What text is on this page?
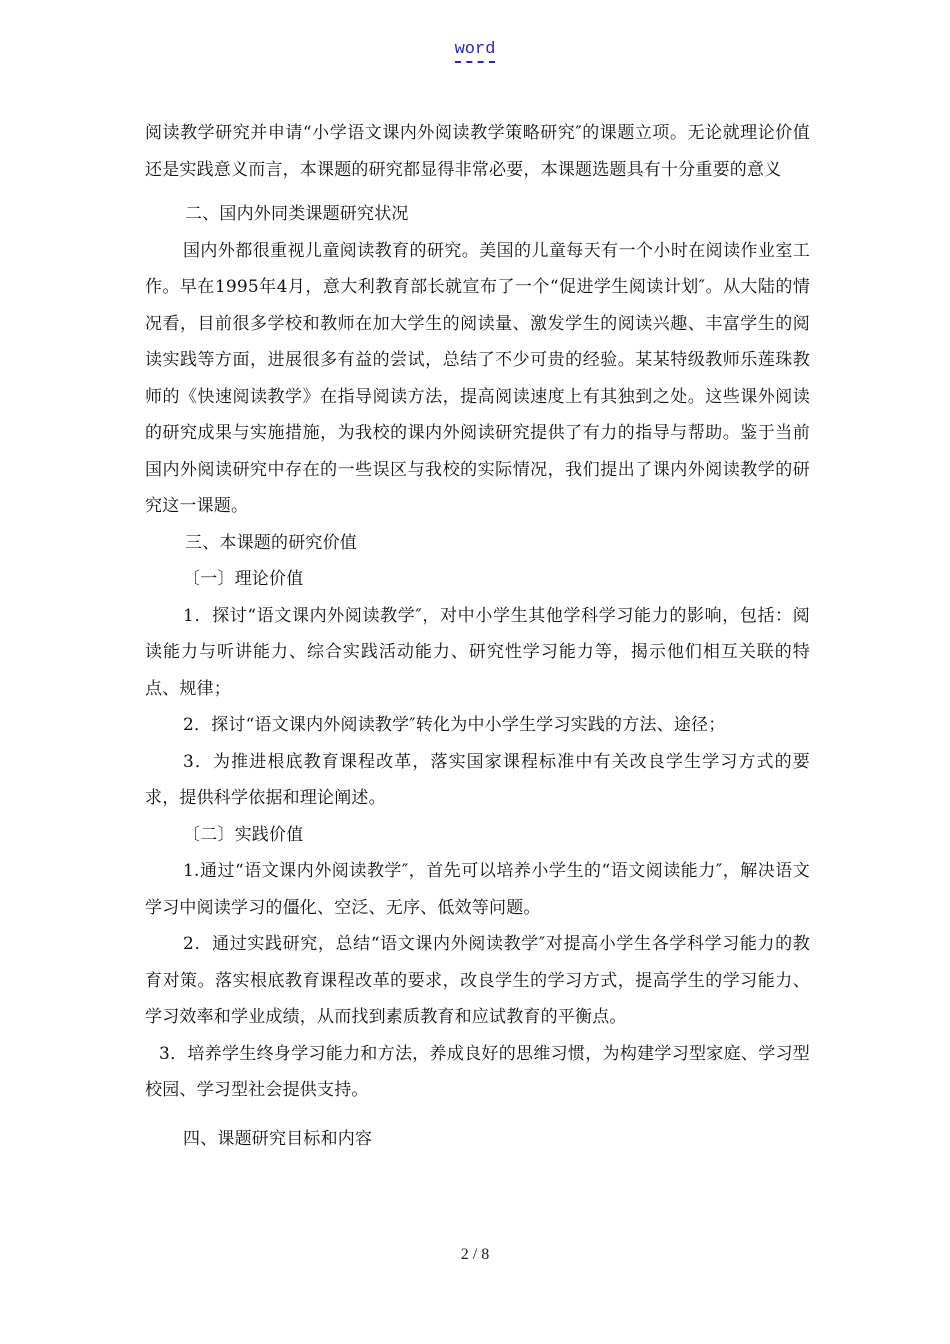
word

阅读教学研究并申请“小学语文课内外阅读教学策略研究″的课题立项。无论就理论价值还是实践意义而言，本课题的研究都显得非常必要，本课题选题具有十分重要的意义

二、国内外同类课题研究状况

国内外都很重视儿童阅读教育的研究。美国的儿童每天有一个小时在阅读作业室工作。早在1995年4月，意大利教育部长就宣布了一个“促进学生阅读计划″。从大陆的情况看，目前很多学校和教师在加大学生的阅读量、激发学生的阅读兴趣、丰富学生的阅读实践等方面，进展很多有益的尝试，总结了不少可贵的经验。某某特级教师乐莲珠教师的《快速阅读教学》在指导阅读方法，提高阅读速度上有其独到之处。这些课外阅读的研究成果与实施措施，为我校的课内外阅读研究提供了有力的指导与帮助。鉴于当前国内外阅读研究中存在的一些误区与我校的实际情况，我们提出了课内外阅读教学的研究这一课题。

三、本课题的研究价值

〔一〕理论价值

1．探讨“语文课内外阅读教学″，对中小学生其他学科学习能力的影响，包括：阅读能力与听讲能力、综合实践活动能力、研究性学习能力等，揭示他们相互关联的特点、规律；

2．探讨“语文课内外阅读教学″转化为中小学生学习实践的方法、途径；

3．为推进根底教育课程改革，落实国家课程标准中有关改良学生学习方式的要求，提供科学依据和理论阐述。

〔二〕实践价值

1.通过“语文课内外阅读教学″，首先可以培养小学生的“语文阅读能力″，解决语文学习中阅读学习的僵化、空泛、无序、低效等问题。

2．通过实践研究，总结“语文课内外阅读教学″对提高小学生各学科学习能力的教育对策。落实根底教育课程改革的要求，改良学生的学习方式，提高学生的学习能力、学习效率和学业成绩，从而找到素质教育和应试教育的平衡点。

3．培养学生终身学习能力和方法，养成良好的思维习惯，为构建学习型家庭、学习型校园、学习型社会提供支持。

四、课题研究目标和内容

2 / 8
